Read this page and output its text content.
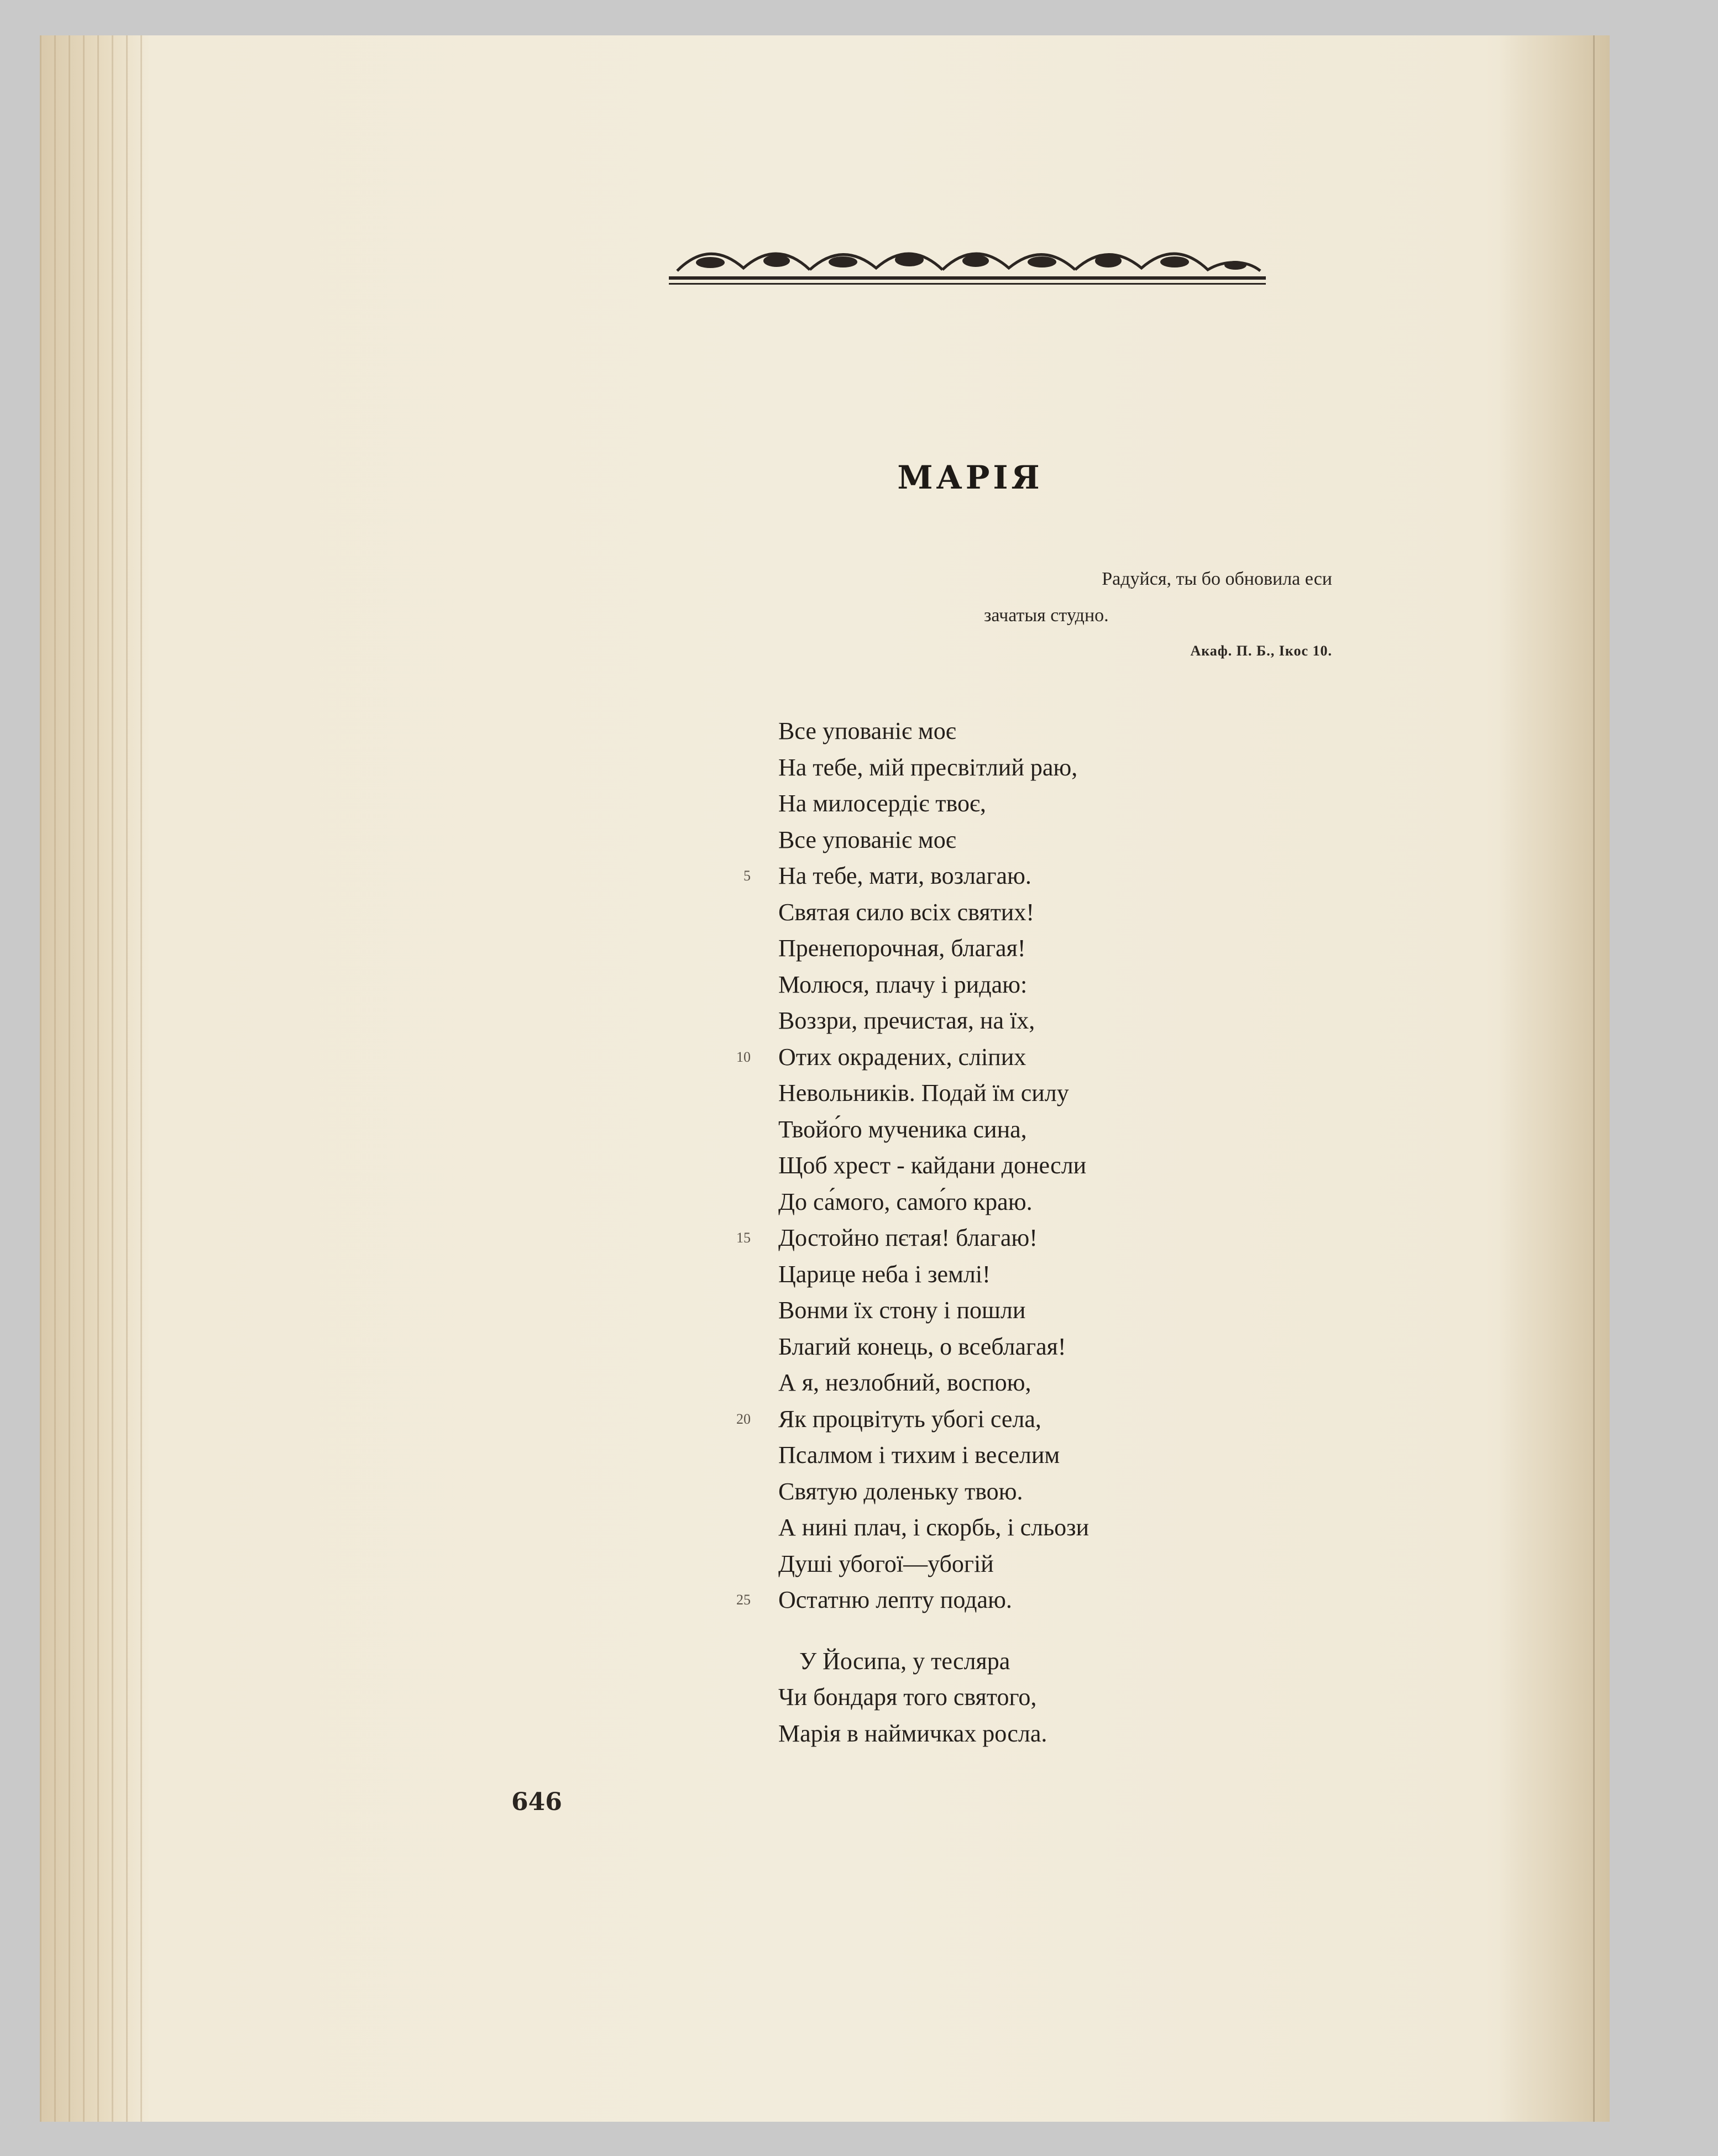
МАРІЯ
Радуйся, ты бо обновила еси
зачатыя студно.
Акаф. П. Б., Ікос 10.
Все упованіє моє
На тебе, мій пресвітлий раю,
На милосердіє твоє,
Все упованіє моє
5 На тебе, мати, возлагаю.
Святая сило всіх святих!
Пренепорочная, благая!
Молюся, плачу і ридаю:
Воззри, пречистая, на їх,
10 Отих окрадених, сліпих
Невольників. Подай їм силу
Твойо́го мученика сина,
Щоб хрест - кайдани донесли
До са́мого, само́го краю.
15 Достойно пєтая! благаю!
Царице неба і землі!
Вонми їх стону і пошли
Благий конець, о всеблагая!
А я, незлобний, воспою,
20 Як процвітуть убогі села,
Псалмом і тихим і веселим
Святую доленьку твою.
А нині плач, і скорбь, і сльози
Душі убогої—убогій
25 Остатню лепту подаю.
У Йосипа, у тесляра
Чи бондаря того святого,
Марія в наймичках росла.
646
